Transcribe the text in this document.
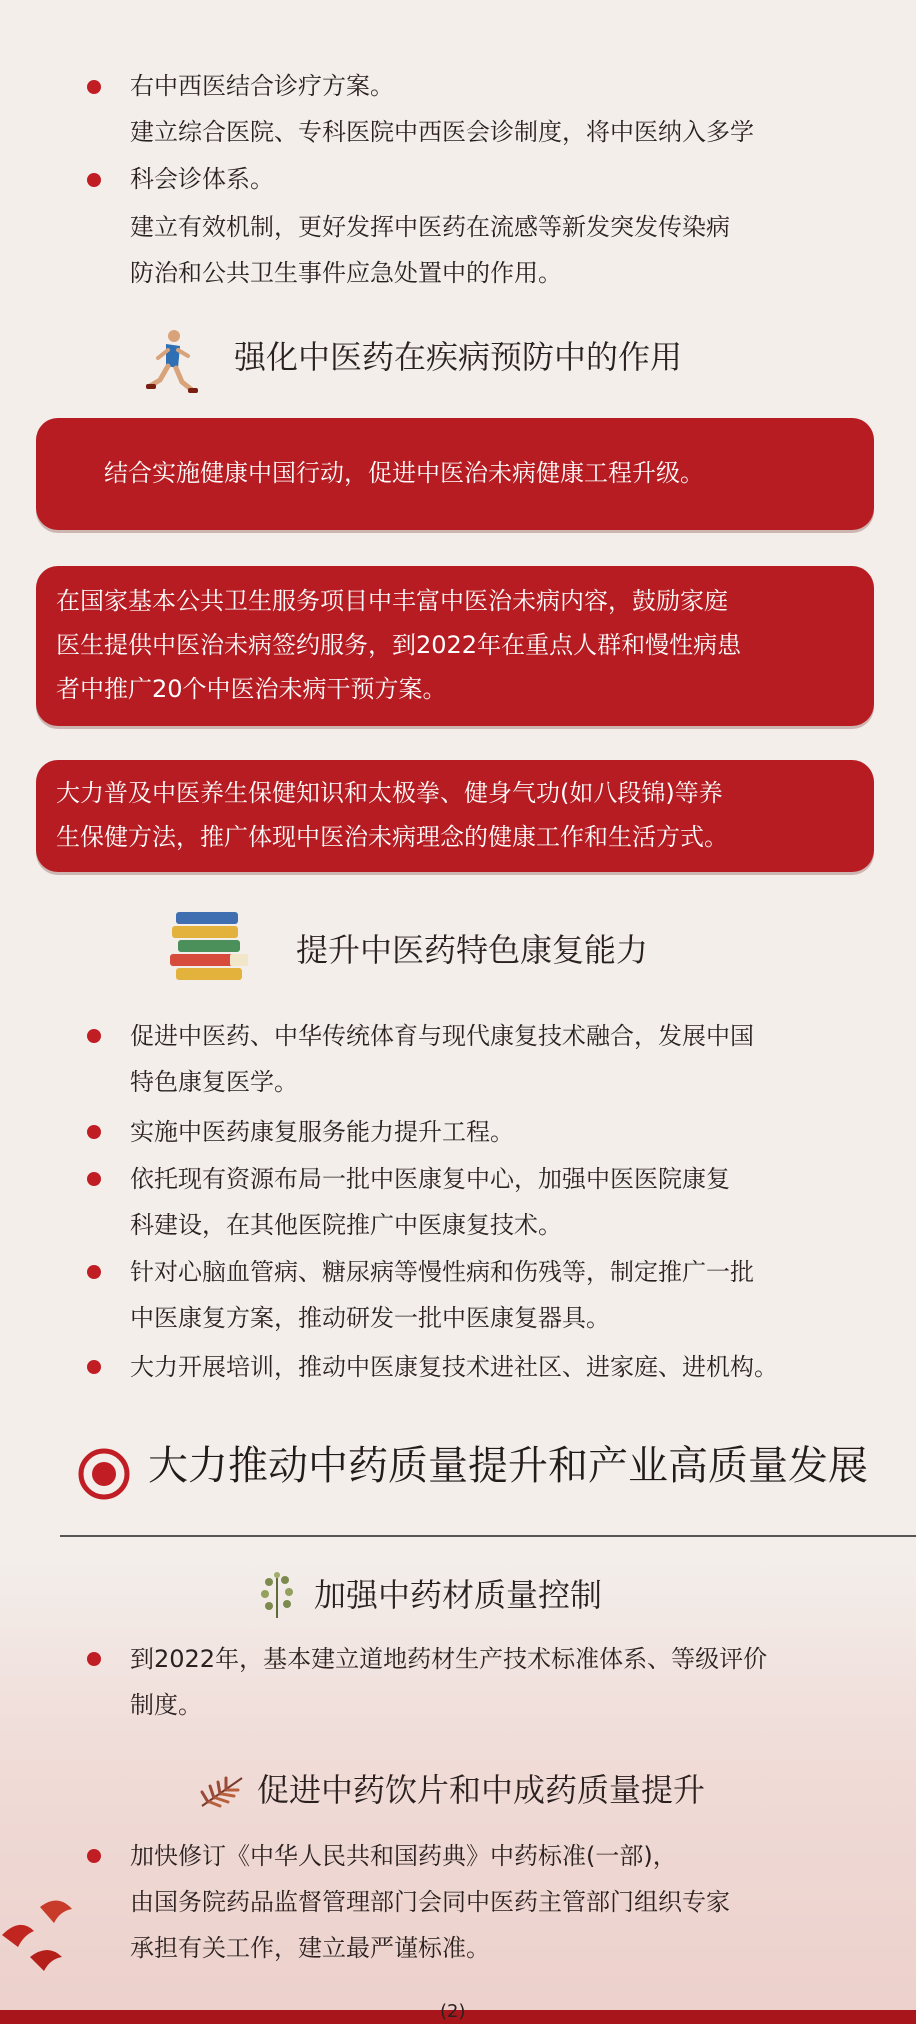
右中西医结合诊疗方案。
建立综合医院、专科医院中西医会诊制度，将中医纳入多学
科会诊体系。
建立有效机制，更好发挥中医药在流感等新发突发传染病
防治和公共卫生事件应急处置中的作用。
强化中医药在疾病预防中的作用
结合实施健康中国行动，促进中医治未病健康工程升级。
在国家基本公共卫生服务项目中丰富中医治未病内容，鼓励家庭
医生提供中医治未病签约服务，到2022年在重点人群和慢性病患
者中推广20个中医治未病干预方案。
大力普及中医养生保健知识和太极拳、健身气功(如八段锦)等养
生保健方法，推广体现中医治未病理念的健康工作和生活方式。
提升中医药特色康复能力
促进中医药、中华传统体育与现代康复技术融合，发展中国
特色康复医学。
实施中医药康复服务能力提升工程。
依托现有资源布局一批中医康复中心，加强中医医院康复
科建设，在其他医院推广中医康复技术。
针对心脑血管病、糖尿病等慢性病和伤残等，制定推广一批
中医康复方案，推动研发一批中医康复器具。
大力开展培训，推动中医康复技术进社区、进家庭、进机构。
大力推动中药质量提升和产业高质量发展
加强中药材质量控制
到2022年，基本建立道地药材生产技术标准体系、等级评价
制度。
促进中药饮片和中成药质量提升
加快修订《中华人民共和国药典》中药标准(一部)，
由国务院药品监督管理部门会同中医药主管部门组织专家
承担有关工作，建立最严谨标准。
(2)
